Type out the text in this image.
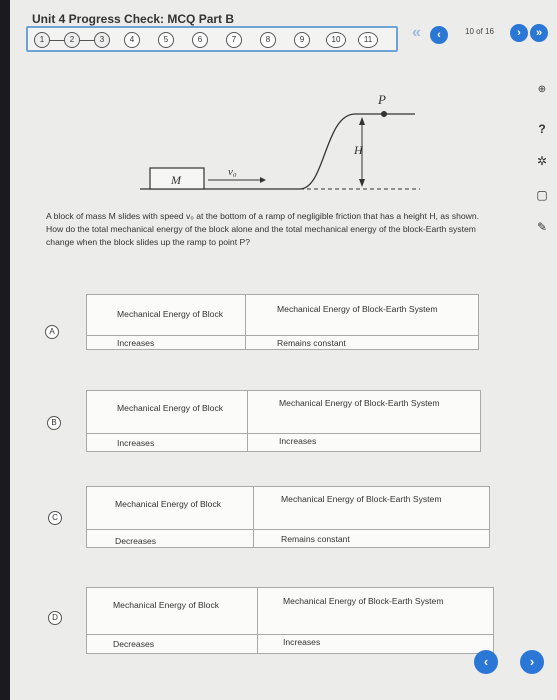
Unit 4 Progress Check: MCQ Part B
1	2	3	4	5	6	7	8	9	10	11	«	‹	10 of 16	›	»
⊕
?
✲
▢
✎
M
v₀
H
P
A block of mass M slides with speed v₀ at the bottom of a ramp of negligible friction that has a height H, as shown. How do the total mechanical energy of the block alone and the total mechanical energy of the block-Earth system change when the block slides up the ramp to point P?
A
Mechanical Energy of Block	Mechanical Energy of Block-Earth System
Increases	Remains constant
B
Mechanical Energy of Block	Mechanical Energy of Block-Earth System
Increases	Increases
C
Mechanical Energy of Block	Mechanical Energy of Block-Earth System
Decreases	Remains constant
D
Mechanical Energy of Block	Mechanical Energy of Block-Earth System
Decreases	Increases
‹	›
